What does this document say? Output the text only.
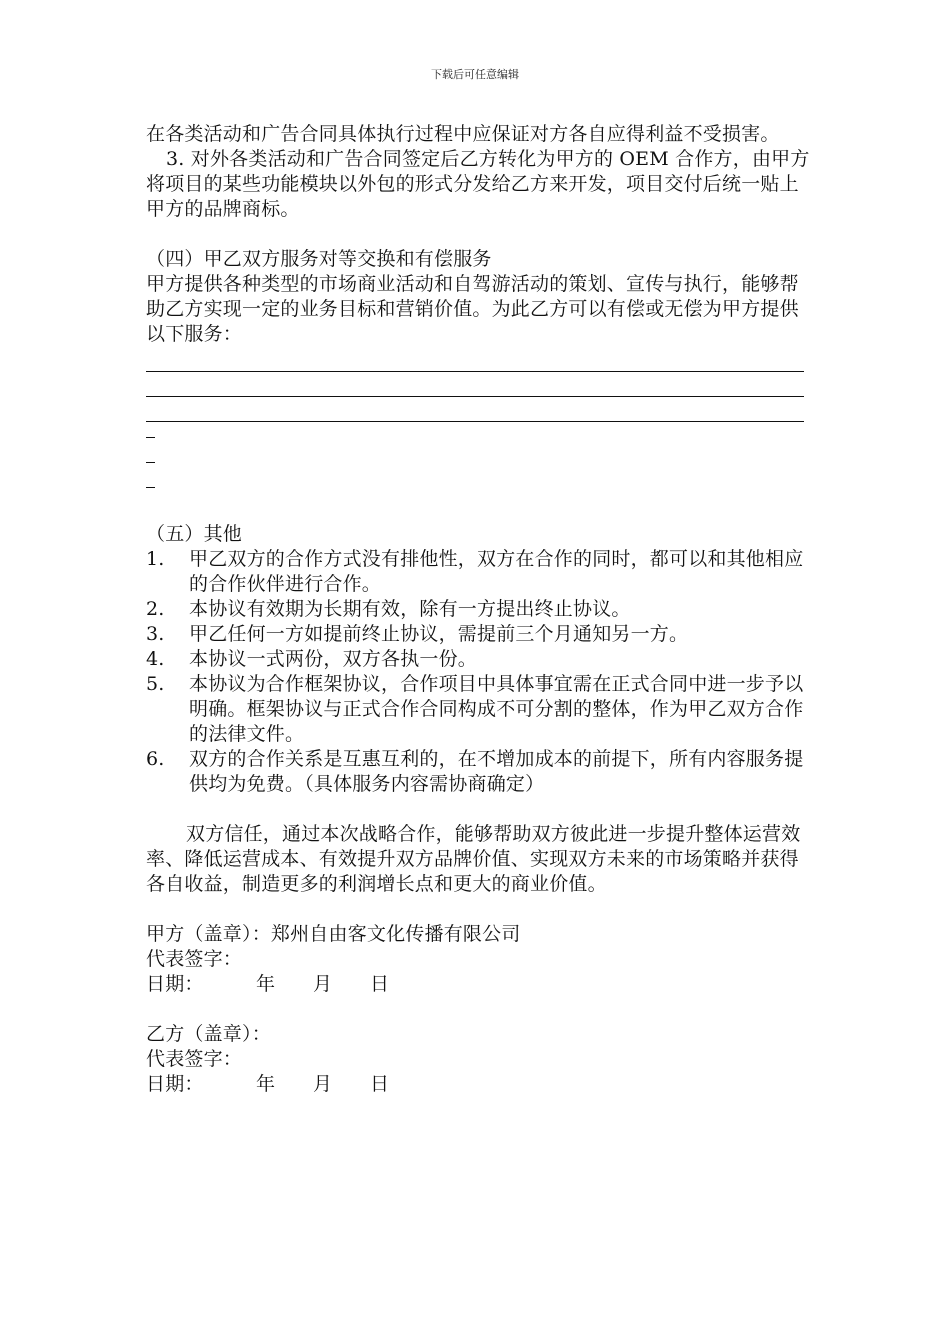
下载后可任意编辑

在各类活动和广告合同具体执行过程中应保证对方各自应得利益不受损害。

3. 对外各类活动和广告合同签定后乙方转化为甲方的 OEM 合作方，由甲方将项目的某些功能模块以外包的形式分发给乙方来开发，项目交付后统一贴上甲方的品牌商标。

（四）甲乙双方服务对等交换和有偿服务

甲方提供各种类型的市场商业活动和自驾游活动的策划、宣传与执行，能够帮助乙方实现一定的业务目标和营销价值。为此乙方可以有偿或无偿为甲方提供以下服务：

（五）其他

1.	甲乙双方的合作方式没有排他性，双方在合作的同时，都可以和其他相应的合作伙伴进行合作。
2.	本协议有效期为长期有效，除有一方提出终止协议。
3.	甲乙任何一方如提前终止协议，需提前三个月通知另一方。
4.	本协议一式两份，双方各执一份。
5.	本协议为合作框架协议，合作项目中具体事宜需在正式合同中进一步予以明确。框架协议与正式合作合同构成不可分割的整体，作为甲乙双方合作的法律文件。
6.	双方的合作关系是互惠互利的，在不增加成本的前提下，所有内容服务提供均为免费。（具体服务内容需协商确定）

双方信任，通过本次战略合作，能够帮助双方彼此进一步提升整体运营效率、降低运营成本、有效提升双方品牌价值、实现双方未来的市场策略并获得各自收益，制造更多的利润增长点和更大的商业价值。

甲方（盖章）：郑州自由客文化传播有限公司

代表签字：

日期：	年	月	日

乙方（盖章）：

代表签字：

日期：	年	月	日
